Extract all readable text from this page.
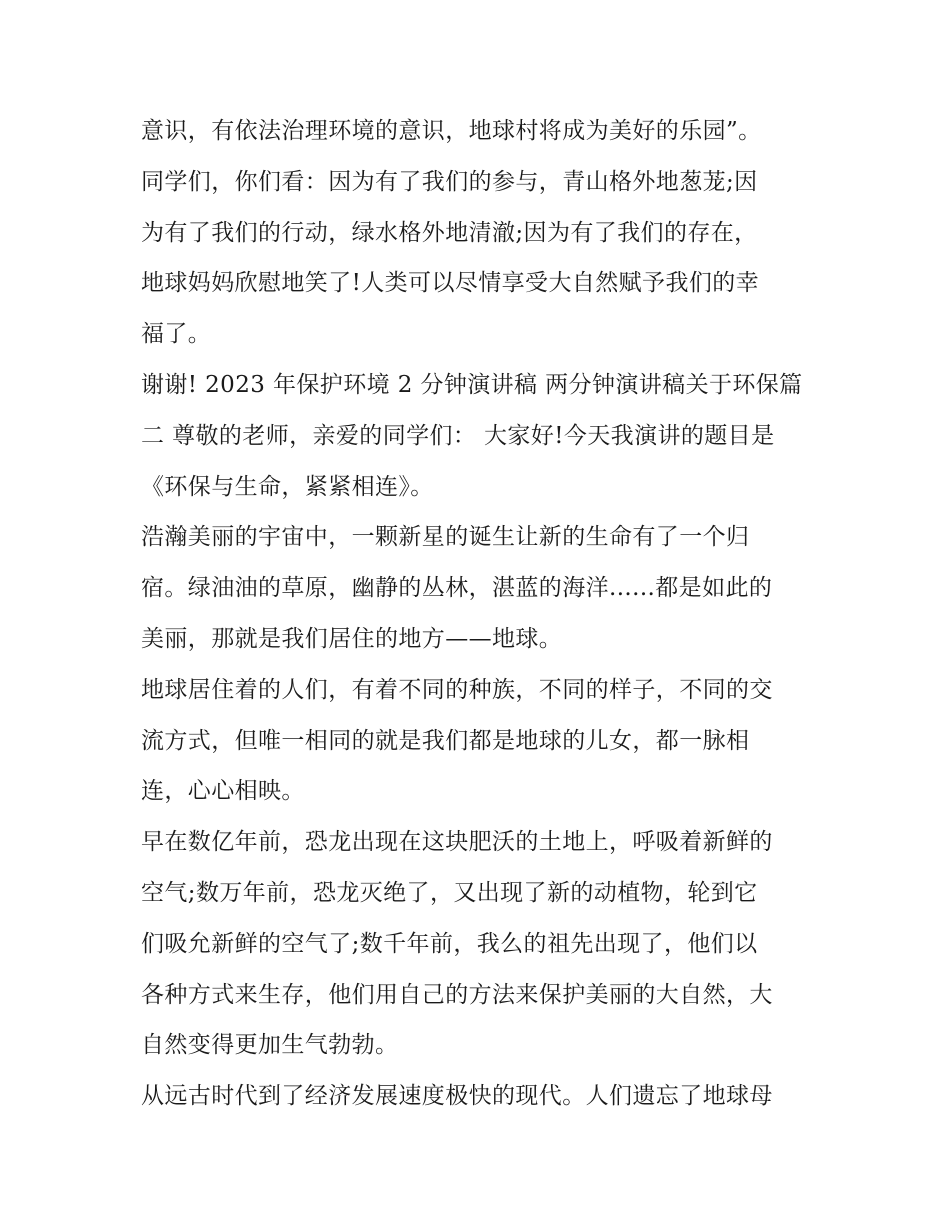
意识，有依法治理环境的意识，地球村将成为美好的乐园”。

同学们，你们看：因为有了我们的参与，青山格外地葱茏;因
为有了我们的行动，绿水格外地清澈;因为有了我们的存在，
地球妈妈欣慰地笑了!人类可以尽情享受大自然赋予我们的幸
福了。

谢谢! 2023 年保护环境 2 分钟演讲稿 两分钟演讲稿关于环保篇
二 尊敬的老师，亲爱的同学们： 大家好!今天我演讲的题目是
《环保与生命，紧紧相连》。

浩瀚美丽的宇宙中，一颗新星的诞生让新的生命有了一个归
宿。绿油油的草原，幽静的丛林，湛蓝的海洋......都是如此的
美丽，那就是我们居住的地方——地球。

地球居住着的人们，有着不同的种族，不同的样子，不同的交
流方式，但唯一相同的就是我们都是地球的儿女，都一脉相
连，心心相映。

早在数亿年前，恐龙出现在这块肥沃的土地上，呼吸着新鲜的
空气;数万年前，恐龙灭绝了，又出现了新的动植物，轮到它
们吸允新鲜的空气了;数千年前，我么的祖先出现了，他们以
各种方式来生存，他们用自己的方法来保护美丽的大自然，大
自然变得更加生气勃勃。

从远古时代到了经济发展速度极快的现代。人们遗忘了地球母
